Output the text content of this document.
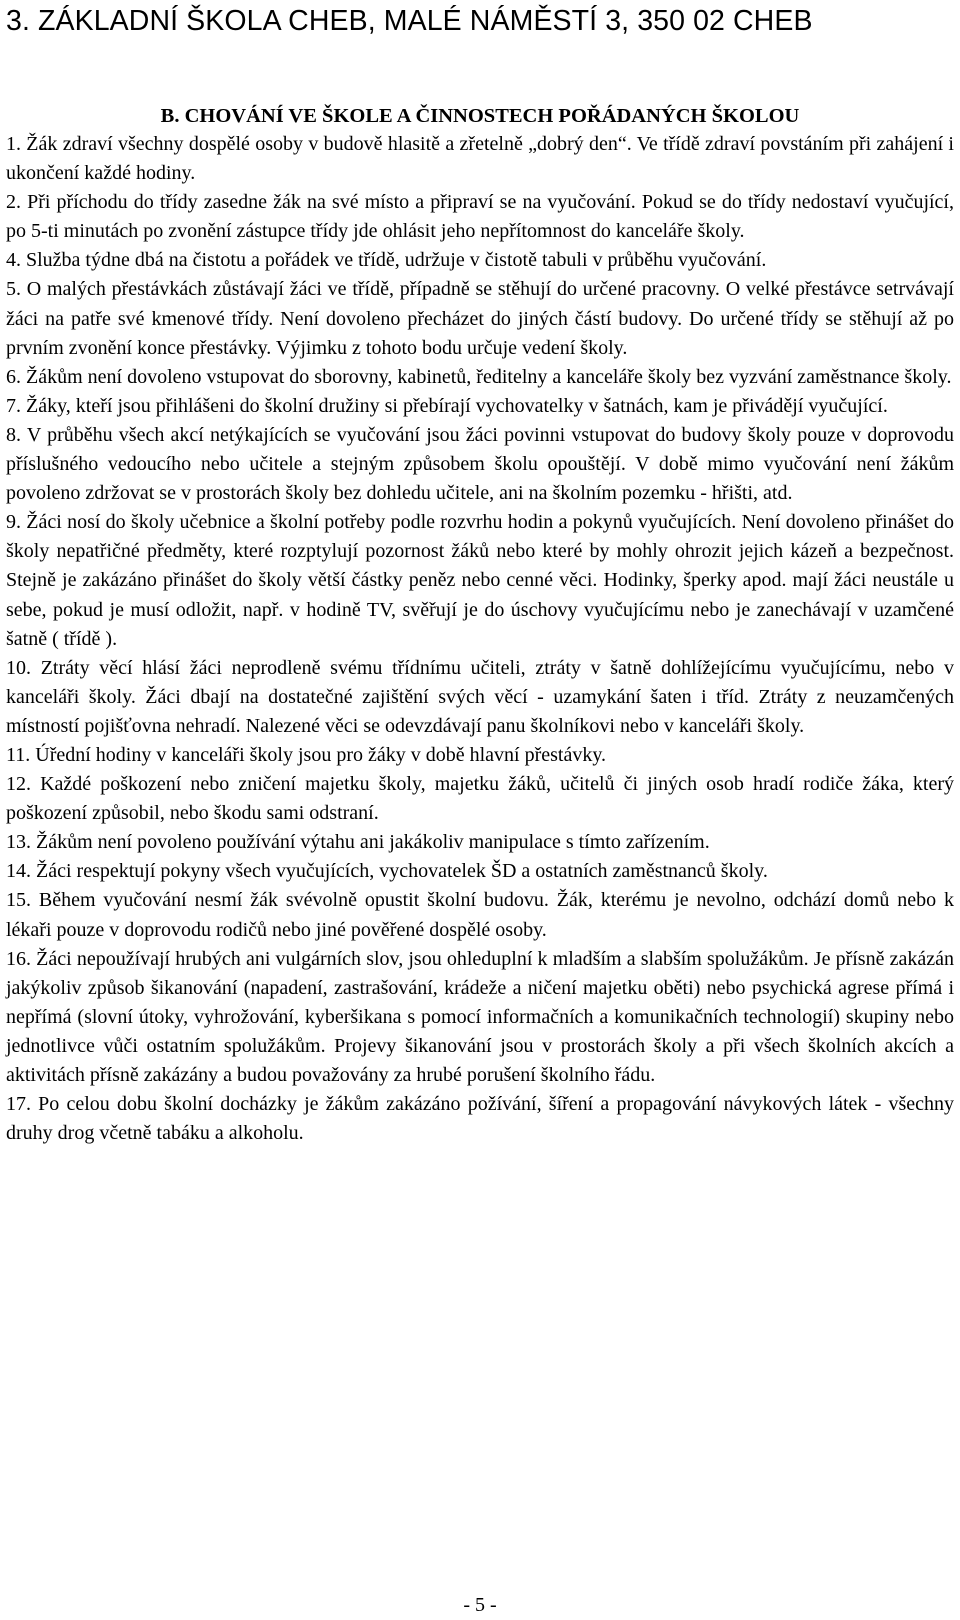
3. ZÁKLADNÍ ŠKOLA CHEB, MALÉ NÁMĚSTÍ 3, 350 02 CHEB
B. CHOVÁNÍ VE ŠKOLE A ČINNOSTECH POŘÁDANÝCH ŠKOLOU

1. Žák zdraví všechny dospělé osoby v budově hlasitě a zřetelně „dobrý den“. Ve třídě zdraví povstáním při zahájení i ukončení každé hodiny.

2. Při příchodu do třídy zasedne žák na své místo a připraví se na vyučování. Pokud se do třídy nedostaví vyučující, po 5-ti minutách po zvonění zástupce třídy jde ohlásit jeho nepřítomnost do kanceláře školy.

4. Služba týdne dbá na čistotu a pořádek ve třídě, udržuje v čistotě tabuli v průběhu vyučování.

5. O malých přestávkách zůstávají žáci ve třídě, případně se stěhují do určené pracovny. O velké přestávce setrvávají žáci na patře své kmenové třídy. Není dovoleno přecházet do jiných částí budovy. Do určené třídy se stěhují až po prvním zvonění konce přestávky. Výjimku z tohoto bodu určuje vedení školy.

6. Žákům není dovoleno vstupovat do sborovny, kabinetů, ředitelny a kanceláře školy bez vyzvání zaměstnance školy.

7. Žáky, kteří jsou přihlášeni do školní družiny si přebírají vychovatelky v šatnách, kam je přivádějí vyučující.

8. V průběhu všech akcí netýkajících se vyučování jsou žáci povinni vstupovat do budovy školy pouze v doprovodu příslušného vedoucího nebo učitele a stejným způsobem školu opouštějí. V době mimo vyučování není žákům povoleno zdržovat se v prostorách školy bez dohledu učitele, ani na školním pozemku - hřišti, atd.

9. Žáci nosí do školy učebnice a školní potřeby podle rozvrhu hodin a pokynů vyučujících. Není dovoleno přinášet do školy nepatřičné předměty, které rozptylují pozornost žáků nebo které by mohly ohrozit jejich kázeň a bezpečnost. Stejně je zakázáno přinášet do školy větší částky peněz nebo cenné věci. Hodinky, šperky apod. mají žáci neustále u sebe, pokud je musí odložit, např. v hodině TV, svěřují je do úschovy vyučujícímu nebo je zanechávají v uzamčené šatně ( třídě ).

10. Ztráty věcí hlásí žáci neprodleně svému třídnímu učiteli, ztráty v šatně dohlížejícímu vyučujícímu, nebo v kanceláři školy. Žáci dbají na dostatečné zajištění svých věcí - uzamykání šaten i tříd. Ztráty z neuzamčených místností pojišťovna nehradí. Nalezené věci se odevzdávají panu školníkovi nebo v kanceláři školy.

11. Úřední hodiny v kanceláři školy jsou pro žáky v době hlavní přestávky.

12. Každé poškození nebo zničení majetku školy, majetku žáků, učitelů či jiných osob hradí rodiče žáka, který poškození způsobil, nebo škodu sami odstraní.

13. Žákům není povoleno používání výtahu ani jakákoliv manipulace s tímto zařízením.

14. Žáci respektují pokyny všech vyučujících, vychovatelek ŠD a ostatních zaměstnanců školy.

15. Během vyučování nesmí žák svévolně opustit školní budovu. Žák, kterému je nevolno, odchází domů nebo k lékaři pouze v doprovodu rodičů nebo jiné pověřené dospělé osoby.

16. Žáci nepoužívají hrubých ani vulgárních slov, jsou ohleduplní k mladším a slabším spolužákům. Je přísně zakázán jakýkoliv způsob šikanování (napadení, zastrašování, krádeže a ničení majetku oběti) nebo psychická agrese přímá i nepřímá (slovní útoky, vyhrožování, kyberšikana s pomocí informačních a komunikačních technologií) skupiny nebo jednotlivce vůči ostatním spolužákům. Projevy šikanování jsou v prostorách školy a při všech školních akcích a aktivitách přísně zakázány a budou považovány za hrubé porušení školního řádu.

17. Po celou dobu školní docházky je žákům zakázáno požívání, šíření a propagování návykových látek - všechny druhy drog včetně tabáku a alkoholu.

- 5 -
